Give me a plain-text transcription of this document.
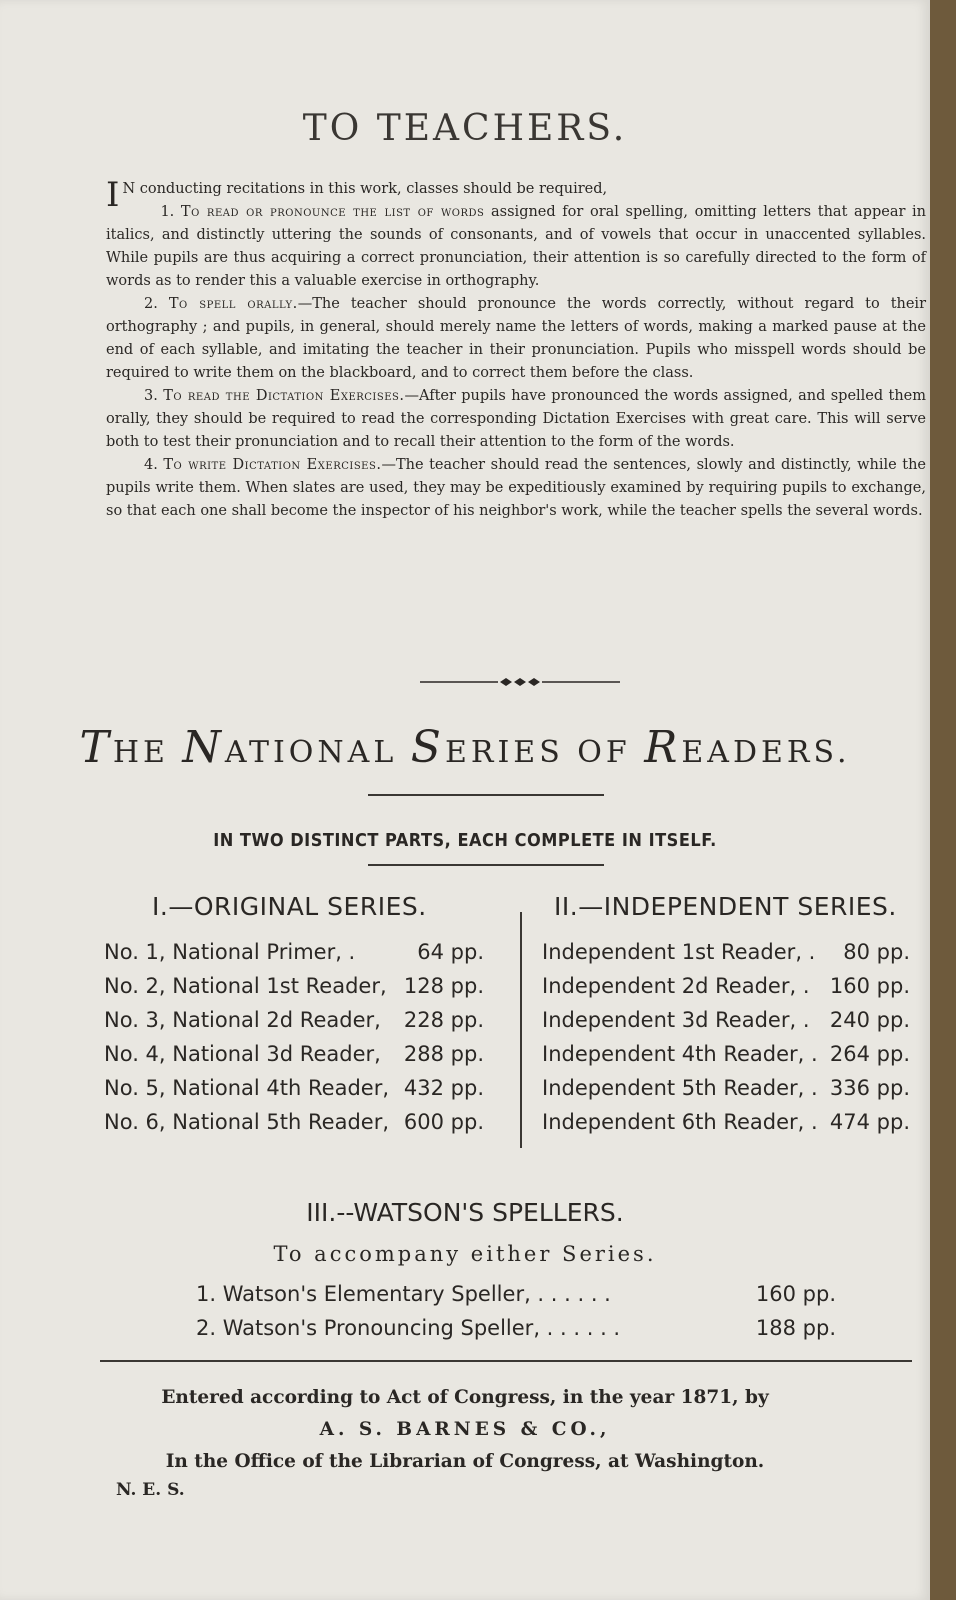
TO TEACHERS.

I N conducting recitations in this work, classes should be required,

1. To read or pronounce the list of words assigned for oral spelling, omitting letters that appear in italics, and distinctly uttering the sounds of consonants, and of vowels that occur in unaccented syllables. While pupils are thus acquiring a correct pronunciation, their attention is so carefully directed to the form of words as to render this a valuable exercise in orthography.

2. To spell orally.—The teacher should pronounce the words correctly, without regard to their orthography ; and pupils, in general, should merely name the letters of words, making a marked pause at the end of each syllable, and imitating the teacher in their pronunciation. Pupils who misspell words should be required to write them on the blackboard, and to correct them before the class.

3. To read the Dictation Exercises.—After pupils have pronounced the words assigned, and spelled them orally, they should be required to read the corresponding Dictation Exercises with great care. This will serve both to test their pronunciation and to recall their attention to the form of the words.

4. To write Dictation Exercises.—The teacher should read the sentences, slowly and distinctly, while the pupils write them. When slates are used, they may be expeditiously examined by requiring pupils to exchange, so that each one shall become the inspector of his neighbor's work, while the teacher spells the several words.

THE NATIONAL SERIES OF READERS.
IN TWO DISTINCT PARTS, EACH COMPLETE IN ITSELF.
I.—ORIGINAL SERIES.	II.—INDEPENDENT SERIES.
No. 1, National Primer, .	64 pp.
No. 2, National 1st Reader, 128 pp.
No. 3, National 2d Reader, 228 pp.
No. 4, National 3d Reader, 288 pp.
No. 5, National 4th Reader, 432 pp.
No. 6, National 5th Reader, 600 pp.
Independent 1st Reader, . 80 pp.
Independent 2d Reader, . 160 pp.
Independent 3d Reader, . 240 pp.
Independent 4th Reader, . 264 pp.
Independent 5th Reader, . 336 pp.
Independent 6th Reader, . 474 pp.
III.--WATSON'S SPELLERS.
To accompany either Series.
1. Watson's Elementary Speller, . . . . . .	160 pp.
2. Watson's Pronouncing Speller, . . . . . .	188 pp.
Entered according to Act of Congress, in the year 1871, by
A. S. BARNES & CO.,
In the Office of the Librarian of Congress, at Washington.
N. E. S.
